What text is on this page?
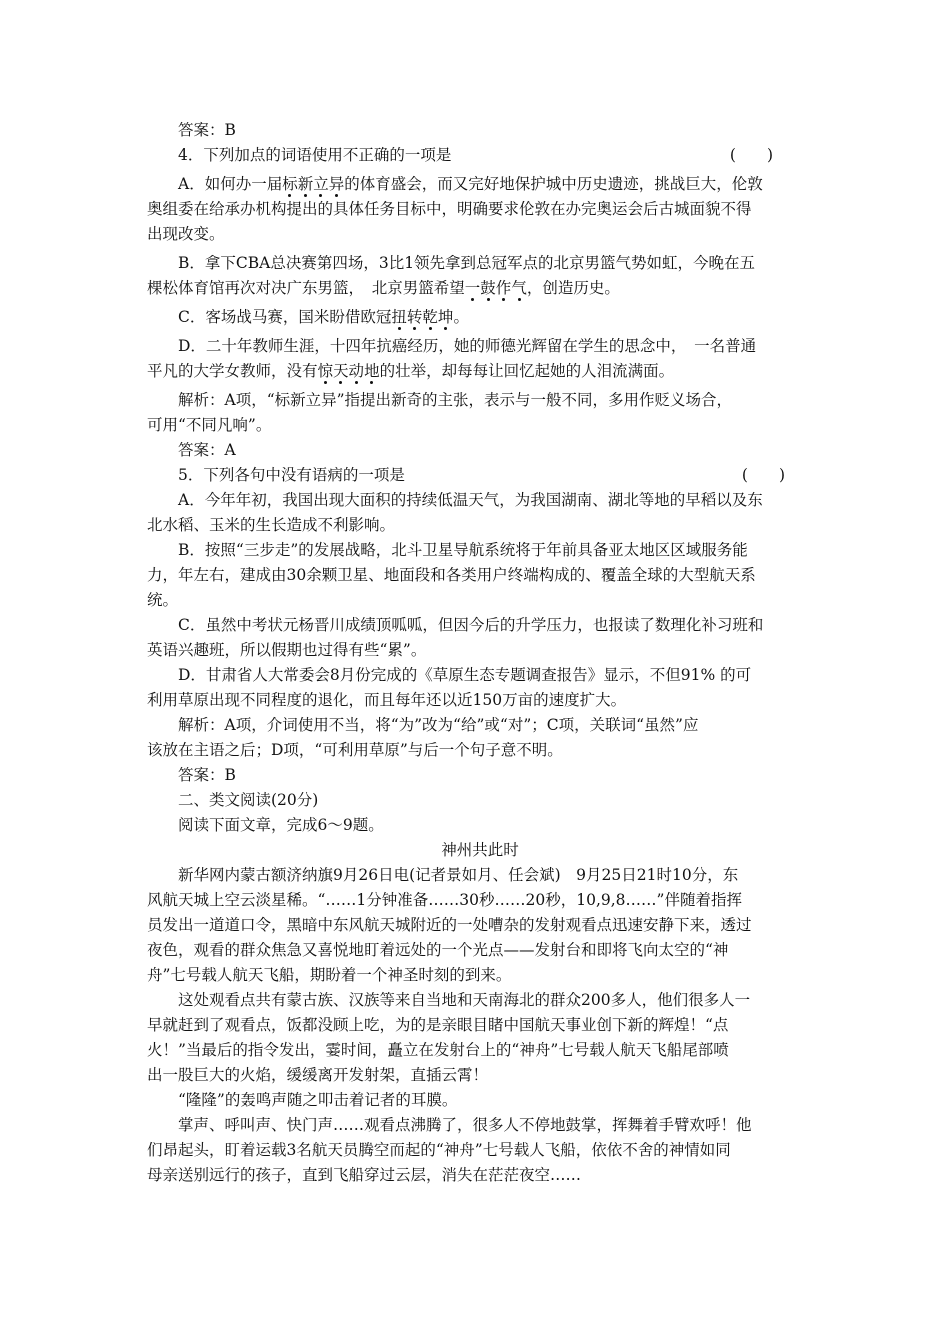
答案：B
4．下列加点的词语使用不正确的一项是	(　　)
A．如何办一届标新立异的体育盛会，而又完好地保护城中历史遗迹，挑战巨大，伦敦
奥组委在给承办机构提出的具体任务目标中，明确要求伦敦在办完奥运会后古城面貌不得
出现改变。
B．拿下CBA总决赛第四场，3比1领先拿到总冠军点的北京男篮气势如虹，今晚在五
棵松体育馆再次对决广东男篮，　北京男篮希望一鼓作气，创造历史。
C．客场战马赛，国米盼借欧冠扭转乾坤。
D．二十年教师生涯，十四年抗癌经历，她的师德光辉留在学生的思念中，　一名普通
平凡的大学女教师，没有惊天动地的壮举，却每每让回忆起她的人泪流满面。
解析：A项，“标新立异”指提出新奇的主张，表示与一般不同，多用作贬义场合，
可用“不同凡响”。
答案：A
5．下列各句中没有语病的一项是	(　　)
A．今年年初，我国出现大面积的持续低温天气，为我国湖南、湖北等地的早稻以及东
北水稻、玉米的生长造成不利影响。
B．按照“三步走”的发展战略，北斗卫星导航系统将于年前具备亚太地区区域服务能
力，年左右，建成由30余颗卫星、地面段和各类用户终端构成的、覆盖全球的大型航天系
统。
C．虽然中考状元杨晋川成绩顶呱呱，但因今后的升学压力，也报读了数理化补习班和
英语兴趣班，所以假期也过得有些“累”。
D．甘肃省人大常委会8月份完成的《草原生态专题调查报告》显示，不但91% 的可
利用草原出现不同程度的退化，而且每年还以近150万亩的速度扩大。
解析：A项，介词使用不当，将“为”改为“给”或“对”；C项，关联词“虽然”应
该放在主语之后；D项，“可利用草原”与后一个句子意不明。
答案：B
二、类文阅读(20分)
阅读下面文章，完成6～9题。
神州共此时
新华网内蒙古额济纳旗9月26日电(记者景如月、任会斌)　9月25日21时10分，东
风航天城上空云淡星稀。“……1分钟准备……30秒……20秒，10,9,8……”伴随着指挥
员发出一道道口令，黑暗中东风航天城附近的一处嘈杂的发射观看点迅速安静下来，透过
夜色，观看的群众焦急又喜悦地盯着远处的一个光点——发射台和即将飞向太空的“神
舟”七号载人航天飞船，期盼着一个神圣时刻的到来。
这处观看点共有蒙古族、汉族等来自当地和天南海北的群众200多人，他们很多人一
早就赶到了观看点，饭都没顾上吃，为的是亲眼目睹中国航天事业创下新的辉煌！“点
火！”当最后的指令发出，霎时间，矗立在发射台上的“神舟”七号载人航天飞船尾部喷
出一股巨大的火焰，缓缓离开发射架，直插云霄！
“隆隆”的轰鸣声随之叩击着记者的耳膜。
掌声、呼叫声、快门声……观看点沸腾了，很多人不停地鼓掌，挥舞着手臂欢呼！他
们昂起头，盯着运载3名航天员腾空而起的“神舟”七号载人飞船，依依不舍的神情如同
母亲送别远行的孩子，直到飞船穿过云层，消失在茫茫夜空……
